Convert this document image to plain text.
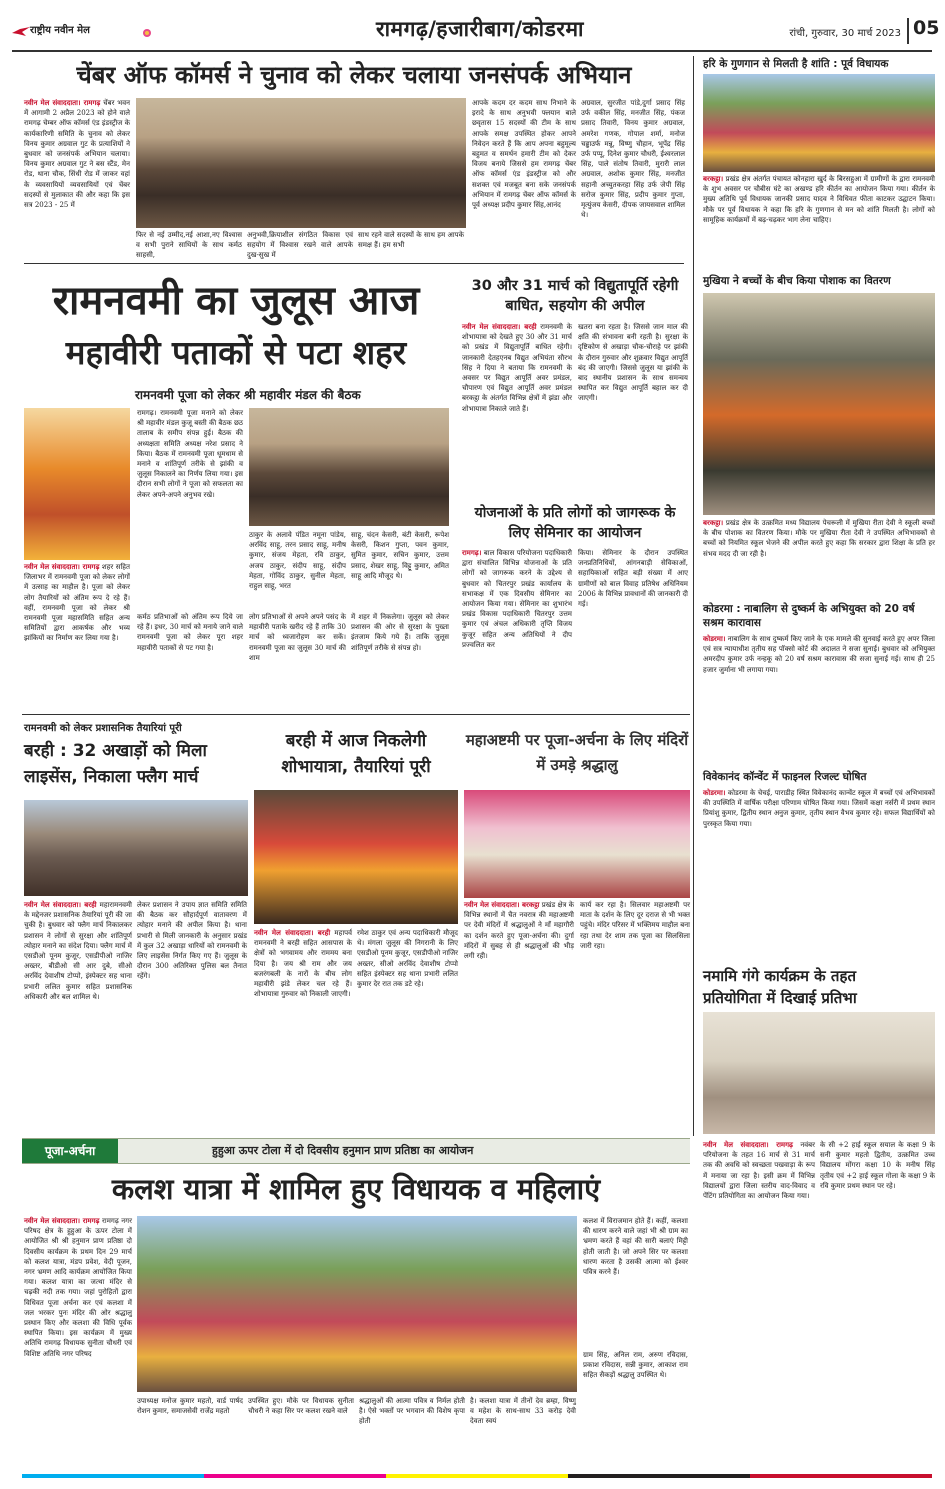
राष्ट्रीय नवीन मेल	रामगढ़/हजारीबाग/कोडरमा	रांची, गुरुवार, 30 मार्च 2023 05
चेंबर ऑफ कॉमर्स ने चुनाव को लेकर चलाया जनसंपर्क अभियान
नवीन मेल संवाददाता। रामगढ़ चेंबर भवन में आगामी 2 अप्रैल 2023 को होने वाले रामगढ़ चेम्बर ऑफ कॉमर्स एंड इंडस्ट्रीज के कार्यकारिणी समिति के चुनाव को लेकर विनय कुमार अग्रवाल गुट के प्रत्याशियों ने बुधवार को जनसंपर्क अभियान चलाया। विनय कुमार अग्रवाल गुट ने बस स्टैंड, मेन रोड, थाना चौक, सिंधी रोड में जाकर वहां के व्यवसायियों व्यवसायियों एवं चेंबर सदस्यों से मुलाकात की और कहा कि इस सत्र 2023 - 25 में
फिर से नई उम्मीद,नई आशा,नए विश्वास व सभी पुराने साथियों के साथ कर्मठ साहसी,
अनुभवी,क्रियाशील संगठित विकास एवं सहयोग में विश्वास रखने वाले आपके दुख-सुख में
साथ रहने वाले सदस्यों के साथ हम आपके समक्ष हैं। हम सभी
आपके कदम दर कदम साथ निभाने के इरादे के साथ अनुभवी फ्लयान बाले छवृतास 15 सदस्यों की टीम के साथ आपके समक्ष उपस्थित होकर आपने निवेदन करते हैं कि आप अपना बहुमूल्य बहुमत व समर्थन हमारी टीम को देकर विजय बनाये जिससे हम रामगढ़ चेंबर ऑफ कॉमर्स एंड इंडस्ट्रीज को और सशक्त एवं मजबूत बना सके जनसंपर्क अभियान में रामगढ़ चेंबर ऑफ कॉमर्स के पूर्व अध्यक्ष प्रदीप कुमार सिंह,आनंद
अग्रवाल, सुरजीत पांडे,दुर्गा प्रसाद सिंह उर्फ वकील सिंह, मनजीत सिंह, पंकज प्रसाद तिवारी, विनय कुमार अग्रवाल, अमरेश गणक, गोपाल शर्मा, मनोज चढ्ढाउर्फ मन्नू, विष्णु चौहान, भूपेंद्र सिंह उर्फ पप्पू, दिनेश कुमार चौधरी, ईश्वरलाल सिंह, पाले संतोष तिवारी, मुरारी लाल अग्रवाल, अशोक कुमार सिंह, मनजीत सहानी अच्युतकरहा सिंह उर्फ जेपी सिंह सरोज कुमार सिंह, प्रदीप कुमार गुप्ता, मृत्युंजय केसरी, दीपक जायसवाल शामिल थे।
हरि के गुणगान से मिलती है शांति : पूर्व विधायक
बरकट्ठा। प्रखंड क्षेत्र अंतर्गत पंचायत कोनहारा खुर्द के बिरसहुआ में ग्रामीणों के द्वारा रामनवमी के शुभ अवसर पर चौबीस घंटे का अखण्ड हरि कीर्तन का आयोजन किया गया। कीर्तन के मुख्य अतिथि पूर्व विधायक जानकी प्रसाद यादव ने विधिवत फीता काटकर उद्घाटन किया। मौके पर पूर्व विधायक ने कहा कि हरि के गुणगान से मन को शांति मिलती है। लोगों को सामूहिक कार्यक्रमों में बढ़-चढ़कर भाग लेना चाहिए।
मुखिया ने बच्चों के बीच किया पोशाक का वितरण
बरकट्ठा। प्रखंड क्षेत्र के उत्क्रमित मध्य विद्यालय पेचरूली में मुखिया रीता देवी ने स्कूली बच्चों के बीच पोशाक का वितरण किया। मौके पर मुखिया रीता देवी ने उपस्थित अभिभावकों से बच्चों को नियमित स्कूल भेजने की अपील करते हुए कहा कि सरकार द्वारा शिक्षा के प्रति हर संभव मदद दी जा रही है।
कोडरमा : नाबालिग से दुष्कर्म के अभियुक्त को 20 वर्ष सश्रम कारावास
कोडरमा। नाबालिग के साथ दुष्कर्म किए जाने के एक मामले की सुनवाई करते हुए अपर जिला एवं सत्र न्यायाधीश तृतीय सह पॉक्सो कोर्ट की अदालत ने सजा सुनाई। बुधवार को अभियुक्त अमरदीप कुमार उर्फ नन्हकू को 20 वर्ष सश्रम कारावास की सजा सुनाई गई। साथ ही 25 हजार जुर्माना भी लगाया गया।
विवेकानंद कॉन्वेंट में फाइनल रिजल्ट घोषित
कोडरमा। कोडरमा के चेचई, पाराडीह स्थित विवेकानंद कान्वेंट स्कूल में बच्चों एवं अभिभावकों की उपस्थिति में वार्षिक परीक्षा परिणाम घोषित किया गया। जिसमें कक्षा नर्सरी में प्रथम स्थान प्रियांशु कुमार, द्वितीय स्थान अनुज कुमार, तृतीय स्थान वैभव कुमार रहे। सफल विद्यार्थियों को पुरस्कृत किया गया।
नमामि गंगे कार्यक्रम के तहत
प्रतियोगिता में दिखाई प्रतिभा
नवीन मेल संवाददाता। रामगढ़ नवंबर परियोजना के तहत 16 मार्च से 31 मार्च तक की अवधि को स्वच्छता पखवाड़ा के रूप में मनाया जा रहा है। इसी क्रम में विभिन्न विद्यालयों द्वारा जिला स्तरीय वाद-विवाद व पेंटिंग प्रतियोगिता का आयोजन किया गया।
के सी +2 हाई स्कूल सयाल के कक्षा 9 के सनी कुमार महतो द्वितीय, उत्क्रमित उच्च विद्यालय मोंगरा कक्षा 10 के मनीष सिंह तृतीय एवं +2 हाई स्कूल गोला के कक्षा 9 के रवि कुमार प्रथम स्थान पर रहे।
रामनवमी का जुलूस आज
महावीरी पताकों से पटा शहर
रामनवमी पूजा को लेकर श्री महावीर मंडल की बैठक
नवीन मेल संवाददाता। रामगढ़ शहर सहित जिलाभर में रामनवमी पूजा को लेकर लोगों में उत्साह का माहौल है। पूजा को लेकर लोग तैयारियों को अंतिम रूप दे रहे हैं। वहीं, रामनवमी पूजा को लेकर श्री रामनवमी पूजा महासमिति सहित अन्य समितियों द्वारा आकर्षक और भव्य झांकियों का निर्माण कर लिया गया है।
रामगढ़। रामनवमी पूजा मनाने को लेकर श्री महावीर मंडल कुजू बस्ती की बैठक छठ तालाब के समीप संपन्न हुई। बैठक की अध्यक्षता समिति अध्यक्ष नरेश प्रसाद ने किया। बैठक में रामनवमी पूजा धूमधाम से मनाने व शांतिपूर्ण तरीके से झांकी व जुलूस निकालने का निर्णय लिया गया। इस दौरान सभी लोगों ने पूजा को सफलता का लेकर अपने-अपने अनुभव रखे।
ठाकुर के अलावे पंडित नमूना पांडेय, अरविंद साहू, तरन प्रसाद साहू, मनीष कुमार, संजय मेहता, रवि ठाकुर, अजय ठाकुर, संदीप साहू, संदीप मेहता, गोविंद ठाकुर, सुनील मेहता, राहुल साहू, भरत
साहू, चंदन केसरी, बंटी केसरी, रूपेश केसरी, किशन गुप्ता, पवन कुमार, सुमित कुमार, सचिन कुमार, उत्तम प्रसाद, शेखर साहू, विट्टू कुमार, अमित साहू आदि मौजूद थे।
कर्मठ प्रतिभाओं को अंतिम रूप दिये जा रहे हैं। इधर, 30 मार्च को मनाये जाने वाले रामनवमी पूजा को लेकर पूरा शहर महावीरी पताकों से पट गया है।
लोग प्रतिभाओं से अपने अपने पसंद के महावीरी पताके खरीद रहे हैं ताकि 30 मार्च को ध्वजारोहण कर सकें। रामनवमी पूजा का जुलूस 30 मार्च की शाम
में शहर में निकलेगा। जुलूस को लेकर प्रशासन की ओर से सुरक्षा के पुख्ता इंतजाम किये गये हैं। ताकि जुलूस शांतिपूर्ण तरीके से संपन्न हो।
30 और 31 मार्च को विद्युतापूर्ति रहेगी बाधित, सहयोग की अपील
नवीन मेल संवाददाता। बरही रामनवमी के शोभायात्रा को देखते हुए 30 और 31 मार्च को प्रखंड में विद्युतापूर्ति बाधित रहेगी। जानकारी देतहएनब विद्युत अभियंता सौरभ सिंह ने दिया ने बताया कि रामनवमी के अवसर पर विद्युत आपूर्ति अवर प्रमंडल, चौपारण एवं विद्युत आपूर्ति अवर प्रमंडल बरकट्ठा के अंतर्गत विभिन्न क्षेत्रों में झंडा और शोभायात्रा निकाले जाते हैं।
खतरा बना रहता है। जिससे जान माल की क्षति की संभावना बनी रहती है। सुरक्षा के दृष्टिकोण से अखाड़ा चौक-चौराहे पर झांकी के दौरान गुरुवार और शुक्रवार विद्युत आपूर्ति बंद की जाएगी। जिससे जुलूस या झांकी के बाद स्थानीय प्रशासन के साथ समन्वय स्थापित कर विद्युत आपूर्ति बहाल कर दी जाएगी।
योजनाओं के प्रति लोगों को जागरूक के लिए सेमिनार का आयोजन
रामगढ़। बाल विकास परियोजना पदाधिकारी द्वारा संचालित विभिन्न योजनाओं के प्रति लोगों को जागरूक करने के उद्देश्य से बुधवार को चितरपुर प्रखंड कार्यालय के सभाकक्ष में एक दिवसीय सेमिनार का आयोजन किया गया। सेमिनार का शुभारंभ प्रखंड विकास पदाधिकारी चितरपुर उत्तम कुमार एवं अंचल अधिकारी तृप्ति विजय कुजूर सहित अन्य अतिथियों ने दीप प्रज्वलित कर
किया। सेमिनार के दौरान उपस्थित जनप्रतिनिधियों, आंगनबाड़ी सेविकाओं, सहायिकाओं सहित बड़ी संख्या में आए ग्रामीणों को बाल विवाह प्रतिषेध अधिनियम 2006 के विभिन्न प्रावधानों की जानकारी दी गई।
रामनवमी को लेकर प्रशासनिक तैयारियां पूरी
बरही : 32 अखाड़ों को मिला लाइसेंस, निकाला फ्लैग मार्च
नवीन मेल संवाददाता। बरही महारामनवमी के मद्देनजर प्रशासनिक तैयारियां पूरी की जा चुकी है। बुधवार को फ्लैग मार्च निकालकर प्रशासन ने लोगों से सुरक्षा और शांतिपूर्ण त्योहार मनाने का संदेश दिया। फ्लैग मार्च में एसडीओ पूनम कुजूर, एसडीपीओ नाजिर अख्तर, बीडीओ सी आर दुबे, सीओ अरविंद देवाशीष टोप्पो, इंस्पेक्टर सह थाना प्रभारी ललित कुमार सहित प्रशासनिक अधिकारी और बल शामिल थे।
लेकर प्रशासन ने उपाय ज्ञात समिति समिति की बैठक कर सौहार्दपूर्ण वातावरण में त्योहार मनाने की अपील किया है। थाना प्रभारी से मिली जानकारी के अनुसार प्रखंड में कुल 32 अखाड़ा धारियों को रामनवमी के लिए लाइसेंस निर्गत किए गए हैं। जुलूस के दौरान 300 अतिरिक्त पुलिस बल तैनात रहेंगे।
बरही में आज निकलेगी शोभायात्रा, तैयारियां पूरी
नवीन मेल संवाददाता। बरही महापर्व रामनवमी ने बरही सहित आसपास के क्षेत्रों को भगवामय और राममय बना दिया है। जय श्री राम और जय बजरंगबली के नारों के बीच लोग महावीरी झंडे लेकर चल रहे हैं। शोभायात्रा गुरुवार को निकाली जाएगी।
रमेश ठाकुर एवं अन्य पदाधिकारी मौजूद थे। मंगला जुलूस की निगरानी के लिए एसडीओ पूनम कुजूर, एसडीपीओ नाजिर अख्तर, सीओ अरविंद देवाशीष टोप्पो सहित इंस्पेक्टर सह थाना प्रभारी ललित कुमार देर रात तक डटे रहे।
महाअष्टमी पर पूजा-अर्चना के लिए मंदिरों में उमड़े श्रद्धालु
नवीन मेल संवाददाता। बरकट्ठा प्रखंड क्षेत्र के विभिन्न स्थानों में चैत नवरात्र की महाअष्टमी पर देवी मंदिरों में श्रद्धालुओं ने माँ महागौरी का दर्शन करते हुए पूजा-अर्चना की। दुर्गा मंदिरों में सुबह से ही श्रद्धालुओं की भीड़ लगी रही।
कार्य कर रहा है। सिलवार महाअष्टमी पर माता के दर्शन के लिए दूर दराज से भी भक्त पहुंचे। मंदिर परिसर में भक्तिमय माहौल बना रहा तथा देर शाम तक पूजा का सिलसिला जारी रहा।
पूजा-अर्चना	हुहुआ ऊपर टोला में दो दिवसीय हनुमान प्राण प्रतिष्ठा का आयोजन
कलश यात्रा में शामिल हुए विधायक व महिलाएं
नवीन मेल संवाददाता। रामगढ़ रामगढ़ नगर परिषद क्षेत्र के हुहुआ के ऊपर टोला में आयोजित श्री श्री हनुमान प्राण प्रतिष्ठा दो दिवसीय कार्यक्रम के प्रथम दिन 29 मार्च को कलश यात्रा, मंडप प्रवेश, वेदी पूजन, नगर भ्रमण आदि कार्यक्रम आयोजित किया गया। कलश यात्रा का जत्था मंदिर से चढ़की नदी तक गया। जहां पुरोहितों द्वारा विधिवत पूजा अर्चना कर एवं कलशा में जल भरकर पुनः मंदिर की ओर श्रद्धालु प्रस्थान किए और कलशा की विधि पूर्वक स्थापित किया। इस कार्यक्रम में मुख्य अतिथि रामगढ़ विधायक सुनीता चौधरी एवं विशिष्ट अतिथि नगर परिषद
उपाध्यक्ष मनोज कुमार महतो, वार्ड पार्षद रोशन कुमार, समाजसेवी राजेंद्र महतो
उपस्थित हुए। मौके पर विधायक सुनीता चौधरी ने कहा सिर पर कलश रखने वाले
श्रद्धालुओं की आत्मा पवित्र व निर्मल होती है। ऐसे भक्तों पर भगवान की विशेष कृपा होती
है। कलशा यात्रा में तीनों देव ब्रम्हा, विष्णु व महेश के साथ-साथ 33 करोड़ देवी देवता स्वयं
कलश में विराजमान होते हैं। कहीं, कलशा की धारण करने वाले जहां भी श्री ग्राम का भ्रमण करते हैं वहां की सारी बलाएं मिट्टी होती जाती है। जो अपने सिर पर कलशा धारण करता है उसकी आत्मा को ईश्वर पवित्र करने हैं।
ग्राम सिंह, अनिल राम, अरुण रविदास, प्रकाश रविदास, सन्नी कुमार, आकाश राम सहित सैकड़ों श्रद्धालु उपस्थित थे।
